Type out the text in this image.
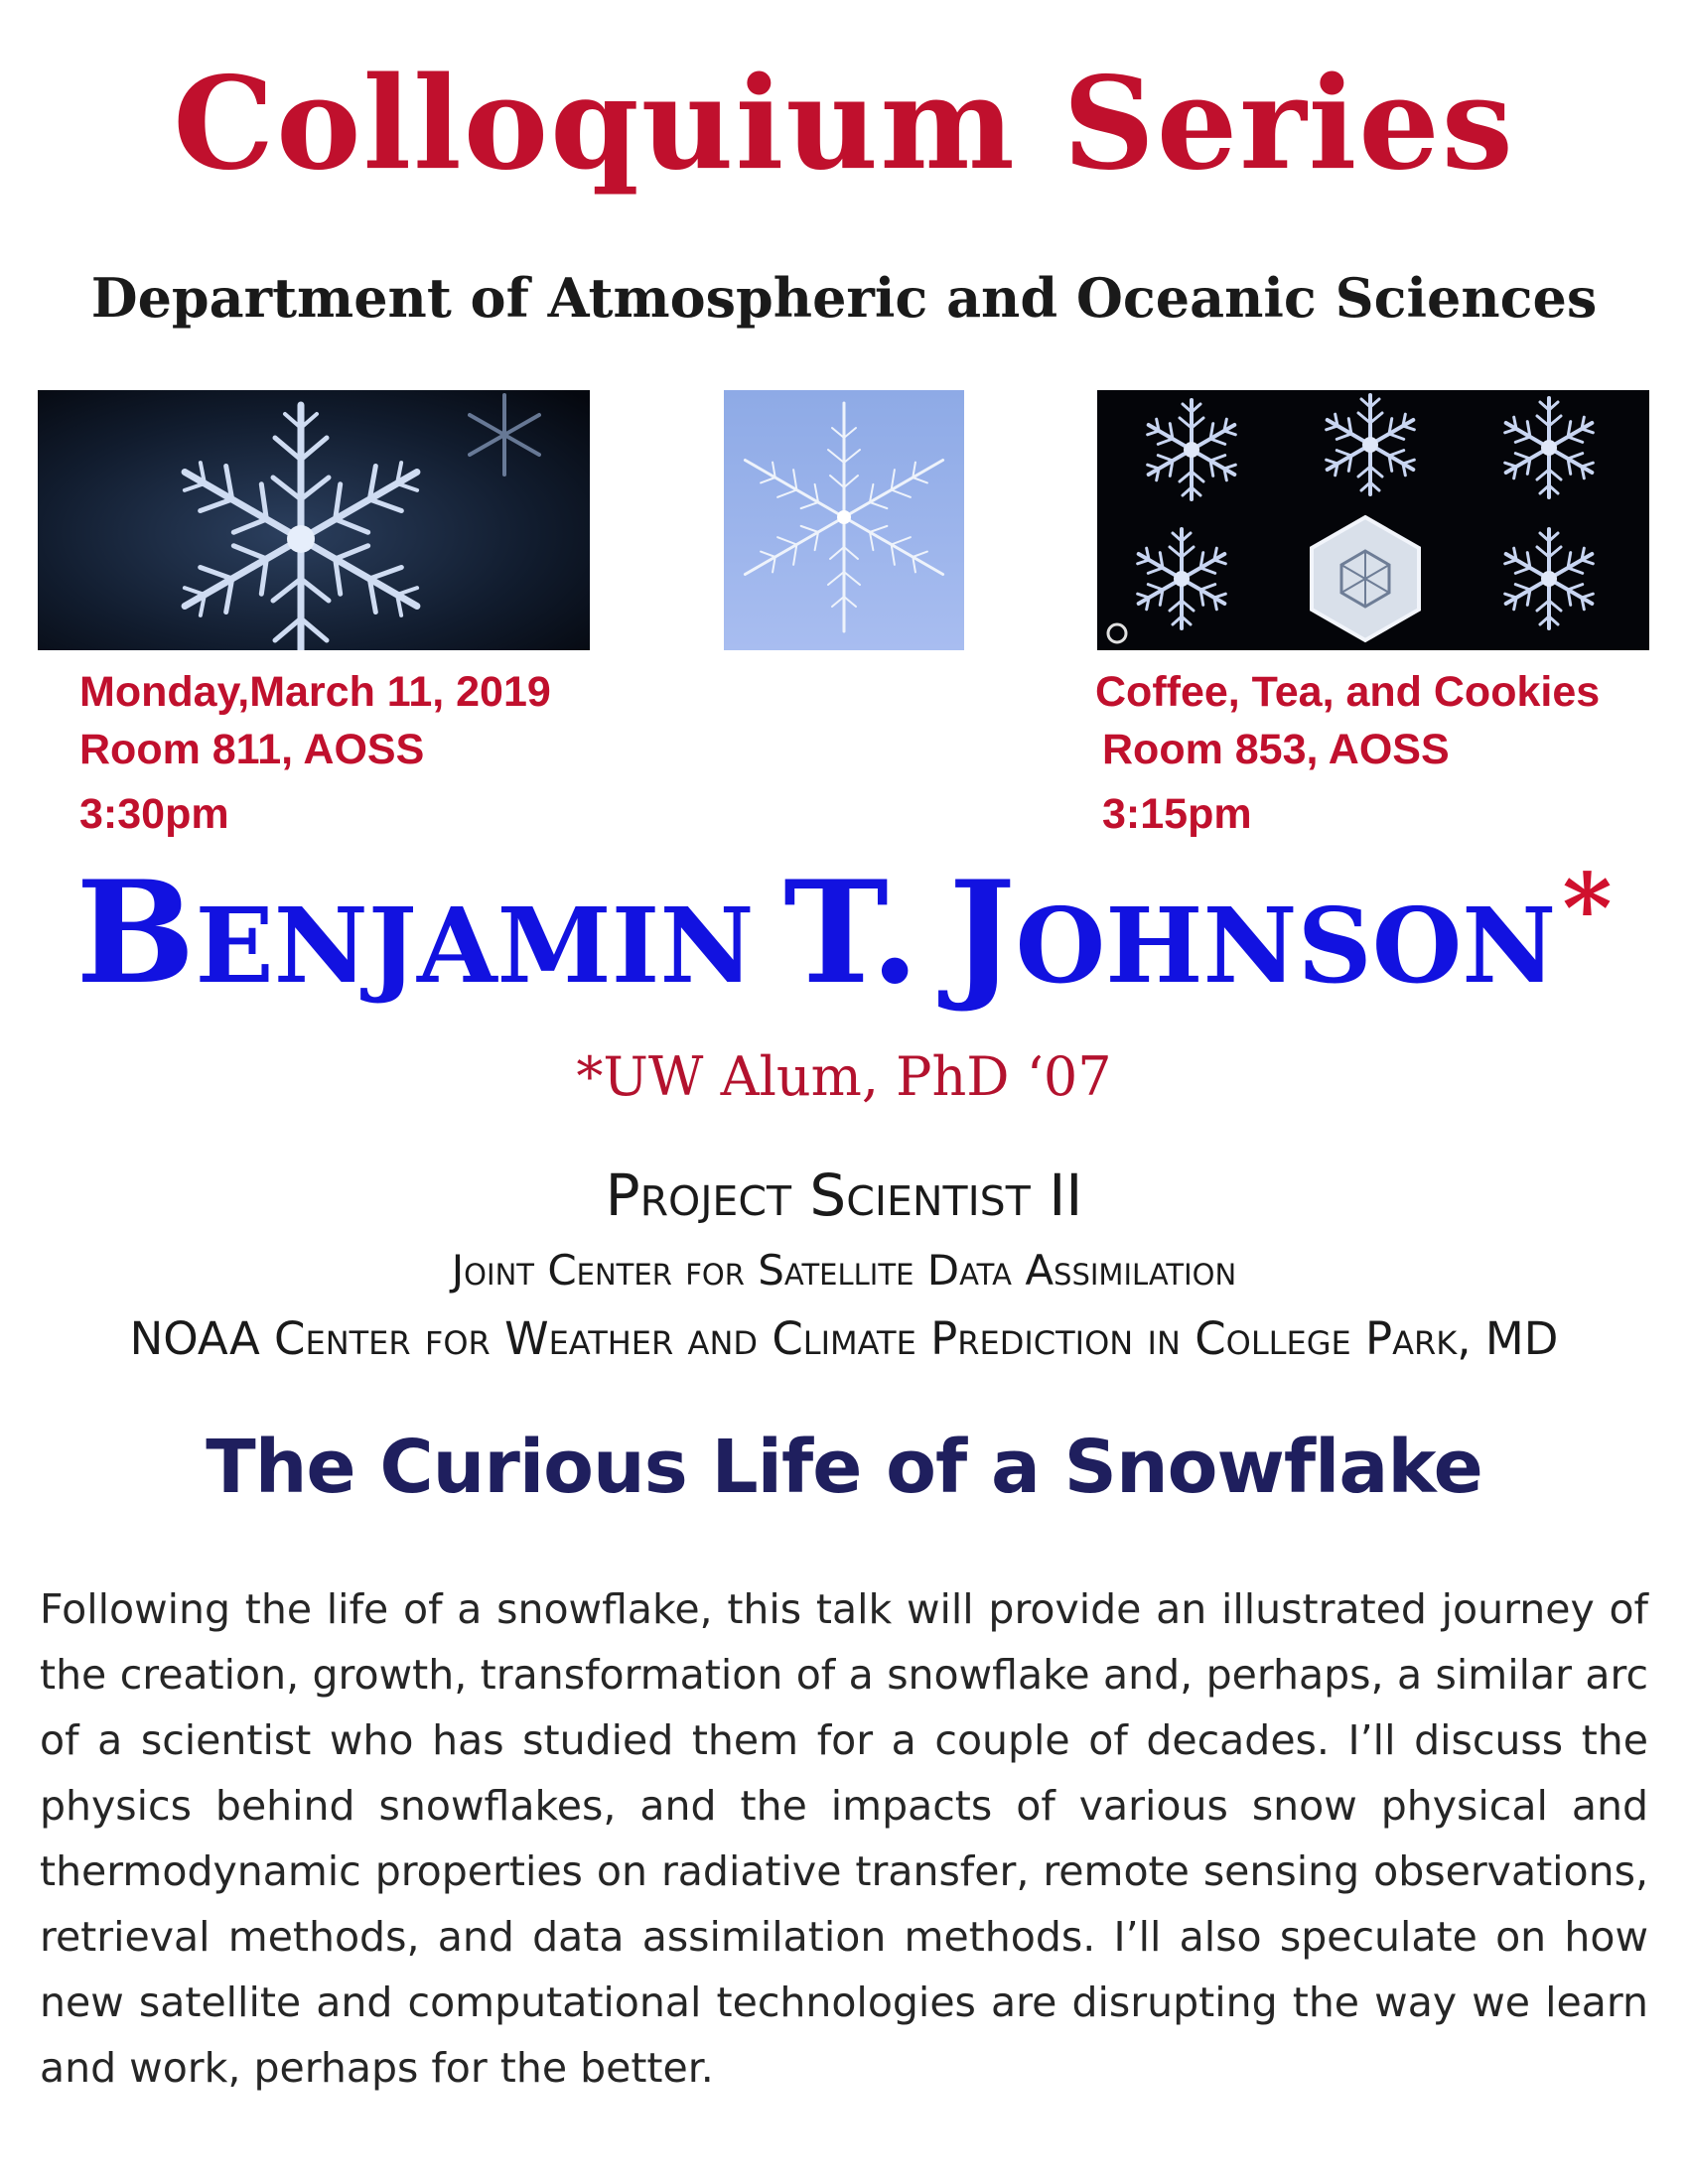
Colloquium Series
Department of Atmospheric and Oceanic Sciences
Monday,March 11, 2019
Room 811, AOSS
3:30pm
Coffee, Tea, and Cookies
Room 853, AOSS
3:15pm
BENJAMIN T. JOHNSON*
*UW Alum, PhD ‘07
Project Scientist II
Joint Center for Satellite Data Assimilation
NOAA Center for Weather and Climate Prediction in College Park, MD
The Curious Life of a Snowflake

Following the life of a snowflake, this talk will provide an illustrated journey of the creation, growth, transformation of a snowflake and, perhaps, a similar arc of a scientist who has studied them for a couple of decades. I’ll discuss the physics behind snowflakes, and the impacts of various snow physical and thermodynamic properties on radiative transfer, remote sensing observations, retrieval methods, and data assimilation methods. I’ll also speculate on how new satellite and computational technologies are disrupting the way we learn and work, perhaps for the better.
